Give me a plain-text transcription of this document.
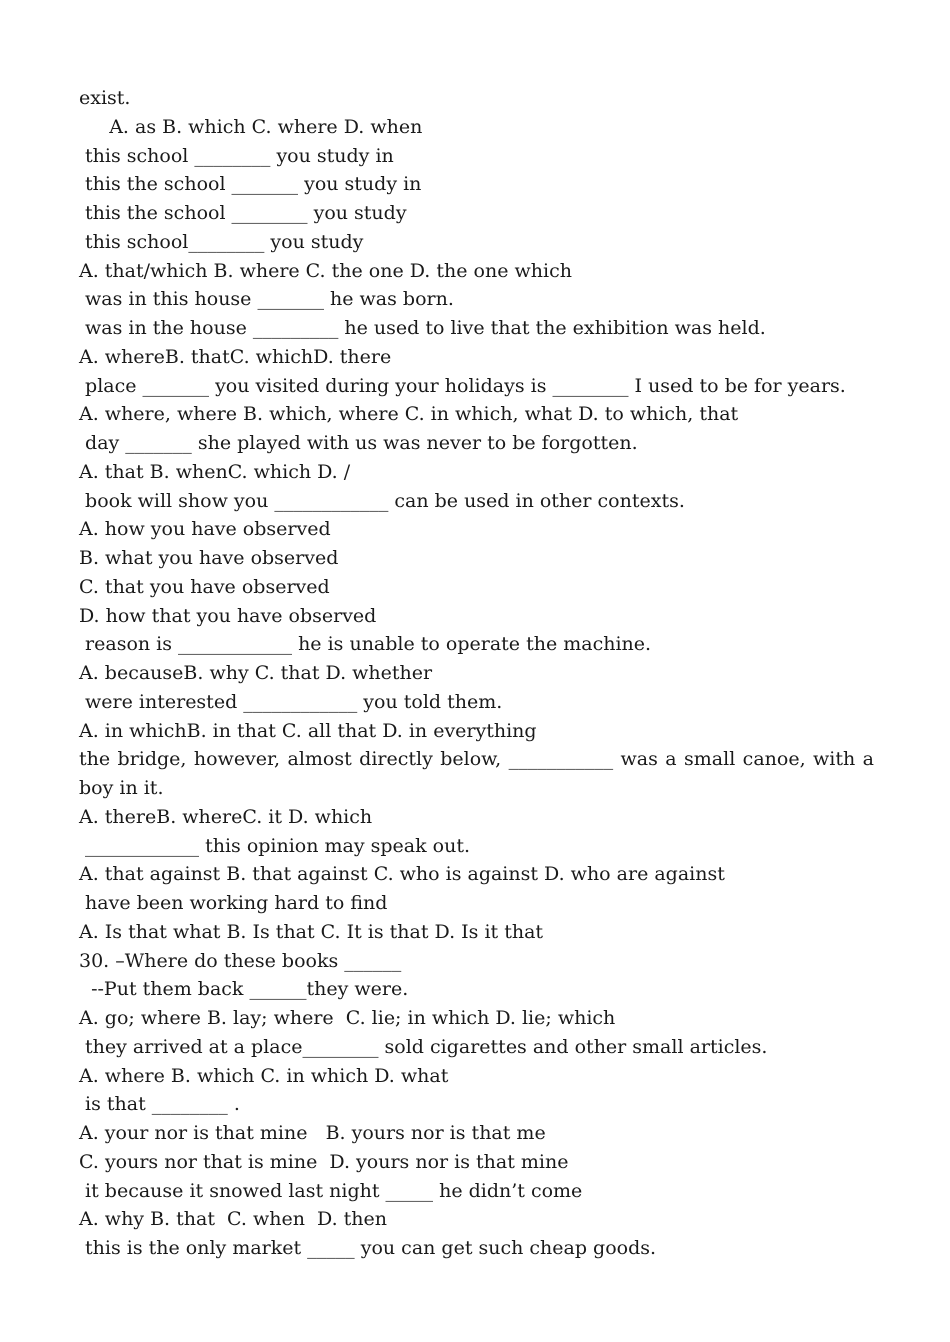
exist.
A. as B. which C. where D. when
this school ________ you study in
this the school _______ you study in
this the school ________ you study
this school________ you study
A. that/which B. where C. the one D. the one which
was in this house _______ he was born.
was in the house _________ he used to live that the exhibition was held.
A. whereB. thatC. whichD. there
place _______ you visited during your holidays is ________ I used to be for years.
A. where, where B. which, where C. in which, what D. to which, that
day _______ she played with us was never to be forgotten.
A. that B. whenC. which D. /
book will show you ____________ can be used in other contexts.
A. how you have observed
B. what you have observed
C. that you have observed
D. how that you have observed
reason is ____________ he is unable to operate the machine.
A. becauseB. why C. that D. whether
were interested ____________ you told them.
A. in whichB. in that C. all that D. in everything
the bridge, however, almost directly below, ___________ was a small canoe, with a
boy in it.
A. thereB. whereC. it D. which
____________ this opinion may speak out.
A. that against B. that against C. who is against D. who are against
have been working hard to find
A. Is that what B. Is that C. It is that D. Is it that
30. –Where do these books ______
--Put them back ______they were.
A. go; where B. lay; where  C. lie; in which D. lie; which
they arrived at a place________ sold cigarettes and other small articles.
A. where B. which C. in which D. what
is that ________ .
A. your nor is that mine   B. yours nor is that me
C. yours nor that is mine  D. yours nor is that mine
it because it snowed last night _____ he didn’t come
A. why B. that  C. when  D. then
this is the only market _____ you can get such cheap goods.
